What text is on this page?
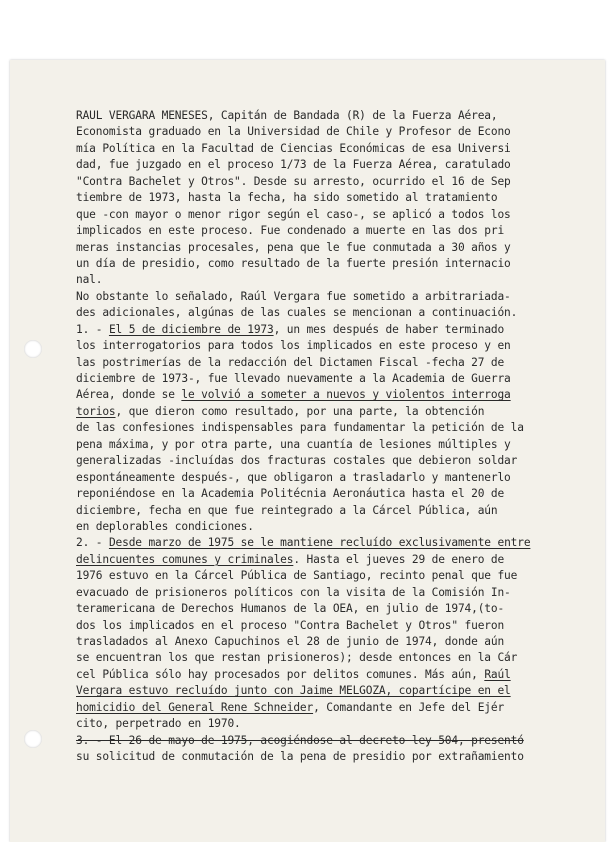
RAUL VERGARA MENESES, Capitán de Bandada (R) de la Fuerza Aérea,
Economista graduado en la Universidad de Chile y Profesor de Econo
mía Política en la Facultad de Ciencias Económicas de esa Universi
dad, fue juzgado en el proceso 1/73 de la Fuerza Aérea, caratulado
"Contra Bachelet y Otros". Desde su arresto, ocurrido el 16 de Sep
tiembre de 1973, hasta la fecha, ha sido sometido al tratamiento
que -con mayor o menor rigor según el caso-, se aplicó a todos los
implicados en este proceso. Fue condenado a muerte en las dos pri
meras instancias procesales, pena que le fue conmutada a 30 años y
un día de presidio, como resultado de la fuerte presión internacio
nal.
No obstante lo señalado, Raúl Vergara fue sometido a arbitrariada-
des adicionales, algúnas de las cuales se mencionan a continuación.
1. - El 5 de diciembre de 1973, un mes después de haber terminado
los interrogatorios para todos los implicados en este proceso y en
las postrimerías de la redacción del Dictamen Fiscal -fecha 27 de
diciembre de 1973-, fue llevado nuevamente a la Academia de Guerra
Aérea, donde se le volvió a someter a nuevos y violentos interroga
torios, que dieron como resultado, por una parte, la obtención
de las confesiones indispensables para fundamentar la petición de la
pena máxima, y por otra parte, una cuantía de lesiones múltiples y
generalizadas -incluídas dos fracturas costales que debieron soldar
espontáneamente después-, que obligaron a trasladarlo y mantenerlo
reponiéndose en la Academia Politécnia Aeronáutica hasta el 20 de
diciembre, fecha en que fue reintegrado a la Cárcel Pública, aún
en deplorables condiciones.
2. - Desde marzo de 1975 se le mantiene recluído exclusivamente entre
delincuentes comunes y criminales. Hasta el jueves 29 de enero de
1976 estuvo en la Cárcel Pública de Santiago, recinto penal que fue
evacuado de prisioneros políticos con la visita de la Comisión In-
teramericana de Derechos Humanos de la OEA, en julio de 1974,(to-
dos los implicados en el proceso "Contra Bachelet y Otros" fueron
trasladados al Anexo Capuchinos el 28 de junio de 1974, donde aún
se encuentran los que restan prisioneros); desde entonces en la Cár
cel Pública sólo hay procesados por delitos comunes. Más aún, Raúl
Vergara estuvo recluído junto con Jaime MELGOZA, copartícipe en el
homicidio del General Rene Schneider, Comandante en Jefe del Ejér
cito, perpetrado en 1970.
3. - El 26 de mayo de 1975, acogiéndose al decreto ley 504, presentó
su solicitud de conmutación de la pena de presidio por extrañamiento
